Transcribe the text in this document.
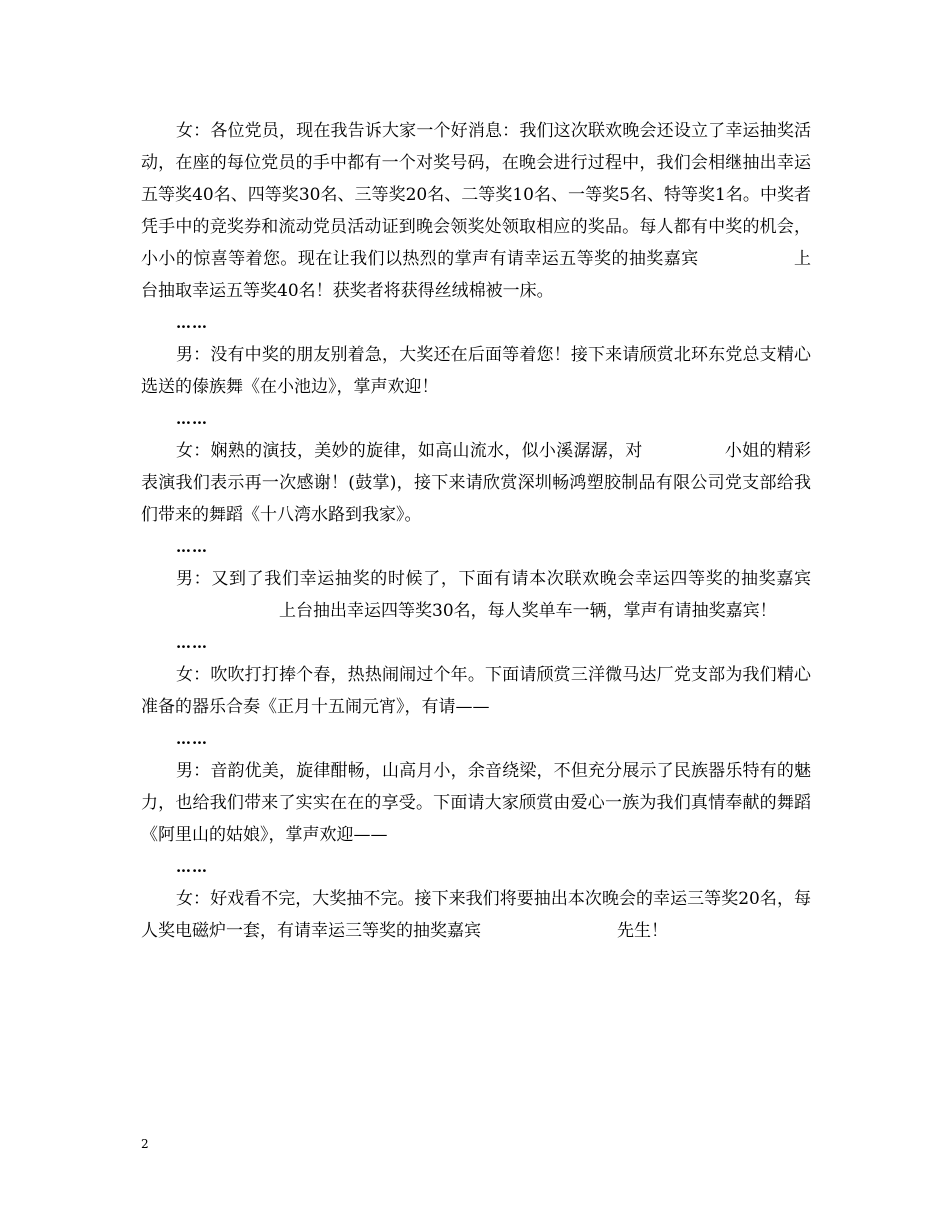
女：各位党员，现在我告诉大家一个好消息：我们这次联欢晚会还设立了幸运抽奖活动，在座的每位党员的手中都有一个对奖号码，在晚会进行过程中，我们会相继抽出幸运五等奖40名、四等奖30名、三等奖20名、二等奖10名、一等奖5名、特等奖1名。中奖者凭手中的竞奖券和流动党员活动证到晚会领奖处领取相应的奖品。每人都有中奖的机会，小小的惊喜等着您。现在让我们以热烈的掌声有请幸运五等奖的抽奖嘉宾	上台抽取幸运五等奖40名！获奖者将获得丝绒棉被一床。

……

男：没有中奖的朋友别着急，大奖还在后面等着您！接下来请颀赏北环东党总支精心选送的傣族舞《在小池边》，掌声欢迎！

……

女：娴熟的演技，美妙的旋律，如高山流水，似小溪潺潺，对	小姐的精彩表演我们表示再一次感谢！(鼓掌)，接下来请欣赏深圳畅鸿塑胶制品有限公司党支部给我们带来的舞蹈《十八湾水路到我家》。

……

男：又到了我们幸运抽奖的时候了，下面有请本次联欢晚会幸运四等奖的抽奖嘉宾上台抽出幸运四等奖30名，每人奖单车一辆，掌声有请抽奖嘉宾！

……

女：吹吹打打捧个春，热热闹闹过个年。下面请颀赏三洋微马达厂党支部为我们精心准备的器乐合奏《正月十五闹元宵》，有请——

……

男：音韵优美，旋律酣畅，山高月小，余音绕梁，不但充分展示了民族器乐特有的魅力，也给我们带来了实实在在的享受。下面请大家颀赏由爱心一族为我们真情奉献的舞蹈《阿里山的姑娘》，掌声欢迎——

……

女：好戏看不完，大奖抽不完。接下来我们将要抽出本次晚会的幸运三等奖20名，每人奖电磁炉一套，有请幸运三等奖的抽奖嘉宾	先生！

2
